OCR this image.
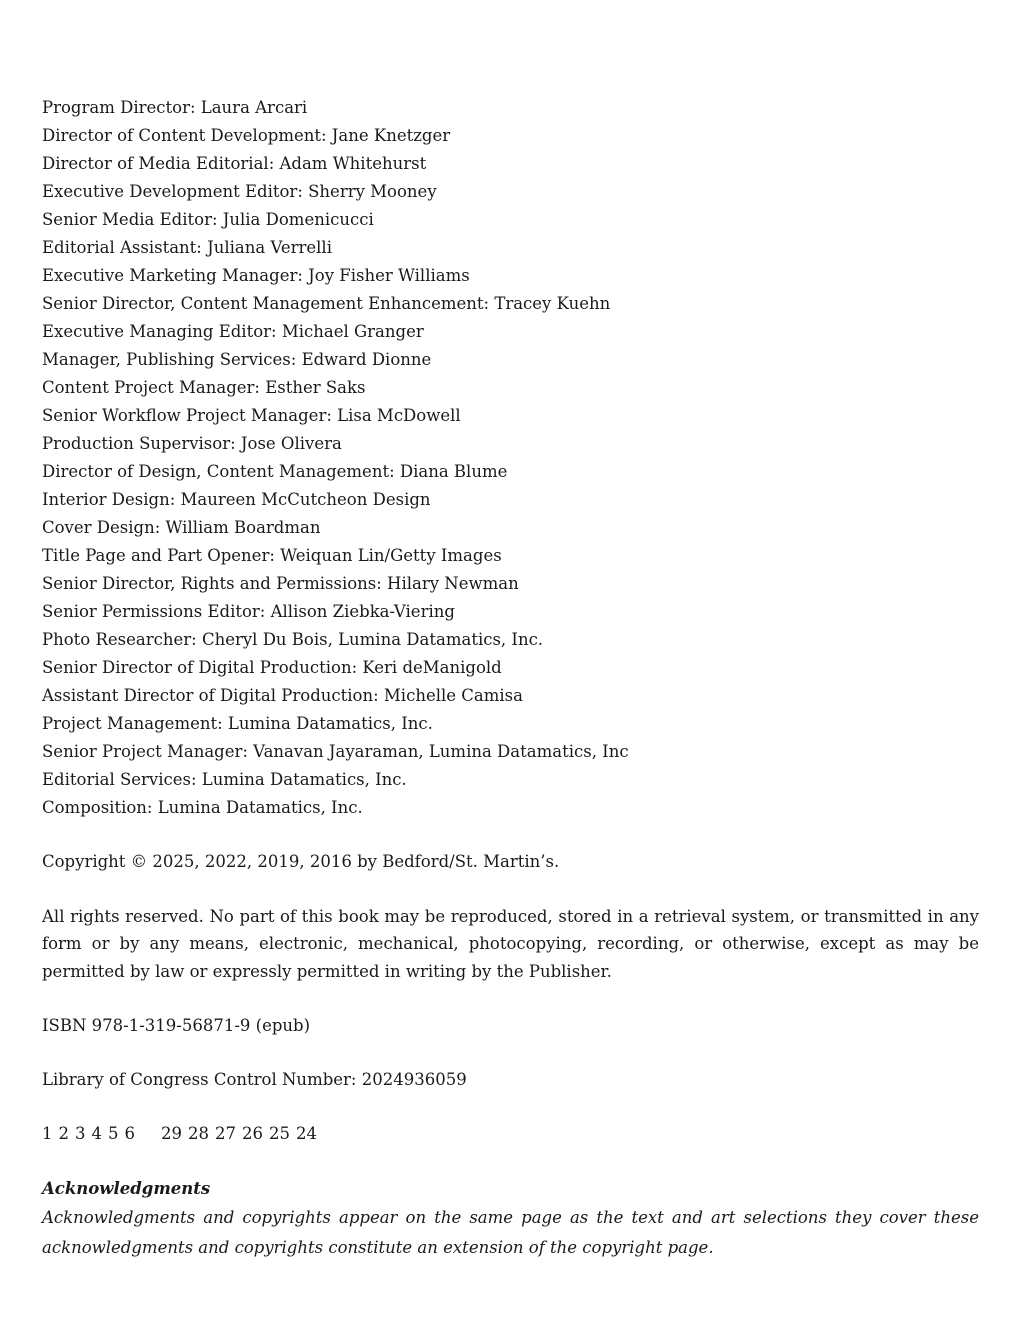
Program Director: Laura Arcari
Director of Content Development: Jane Knetzger
Director of Media Editorial: Adam Whitehurst
Executive Development Editor: Sherry Mooney
Senior Media Editor: Julia Domenicucci
Editorial Assistant: Juliana Verrelli
Executive Marketing Manager: Joy Fisher Williams
Senior Director, Content Management Enhancement: Tracey Kuehn
Executive Managing Editor: Michael Granger
Manager, Publishing Services: Edward Dionne
Content Project Manager: Esther Saks
Senior Workflow Project Manager: Lisa McDowell
Production Supervisor: Jose Olivera
Director of Design, Content Management: Diana Blume
Interior Design: Maureen McCutcheon Design
Cover Design: William Boardman
Title Page and Part Opener: Weiquan Lin/Getty Images
Senior Director, Rights and Permissions: Hilary Newman
Senior Permissions Editor: Allison Ziebka-Viering
Photo Researcher: Cheryl Du Bois, Lumina Datamatics, Inc.
Senior Director of Digital Production: Keri deManigold
Assistant Director of Digital Production: Michelle Camisa
Project Management: Lumina Datamatics, Inc.
Senior Project Manager: Vanavan Jayaraman, Lumina Datamatics, Inc
Editorial Services: Lumina Datamatics, Inc.
Composition: Lumina Datamatics, Inc.

Copyright © 2025, 2022, 2019, 2016 by Bedford/St. Martin’s.

All rights reserved. No part of this book may be reproduced, stored in a retrieval system, or transmitted in any form or by any means, electronic, mechanical, photocopying, recording, or otherwise, except as may be permitted by law or expressly permitted in writing by the Publisher.

ISBN 978-1-319-56871-9 (epub)

Library of Congress Control Number: 2024936059

1 2 3 4 5 6 29 28 27 26 25 24

Acknowledgments

Acknowledgments and copyrights appear on the same page as the text and art selections they cover these acknowledgments and copyrights constitute an extension of the copyright page.
